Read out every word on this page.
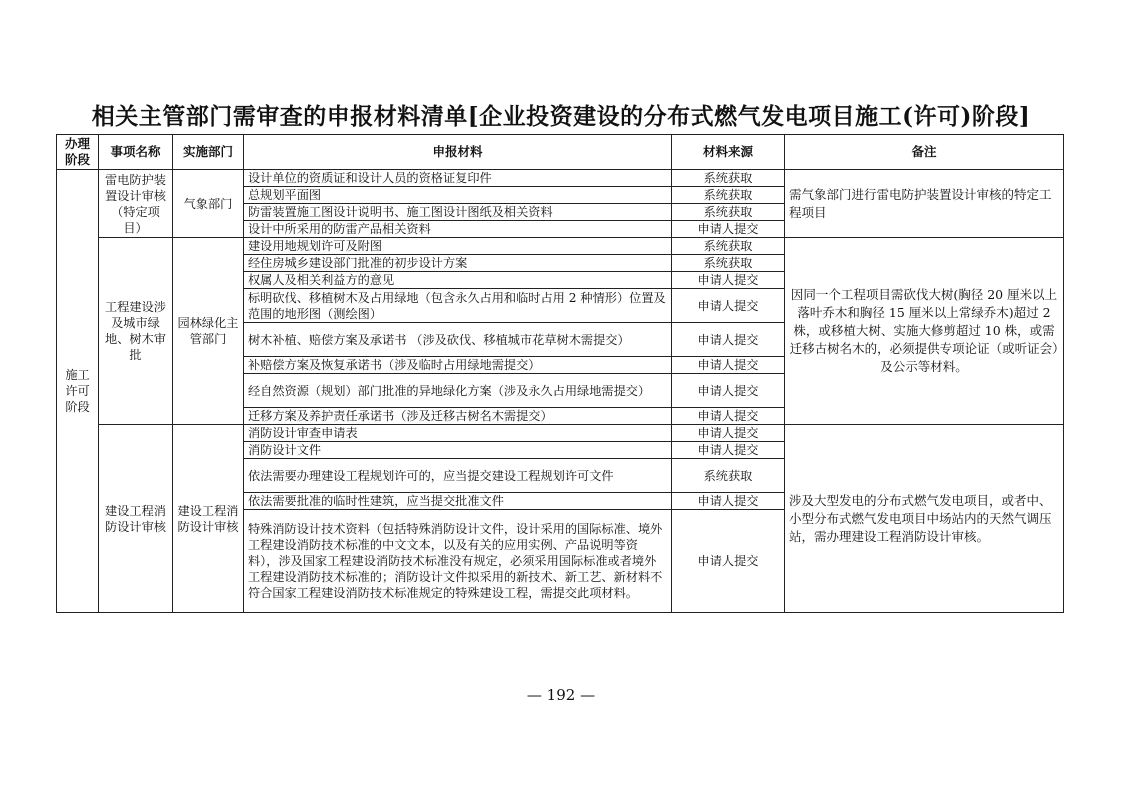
相关主管部门需审查的申报材料清单[企业投资建设的分布式燃气发电项目施工(许可)阶段]
办理阶段	事项名称	实施部门	申报材料	材料来源	备注
施工许可阶段	雷电防护装置设计审核（特定项目）	气象部门	设计单位的资质证和设计人员的资格证复印件	系统获取	需气象部门进行雷电防护装置设计审核的特定工程项目
			总规划平面图	系统获取	
			防雷装置施工图设计说明书、施工图设计图纸及相关资料	系统获取	
			设计中所采用的防雷产品相关资料	申请人提交	
	工程建设涉及城市绿地、树木审批	园林绿化主管部门	建设用地规划许可及附图	系统获取	因同一个工程项目需砍伐大树(胸径 20 厘米以上落叶乔木和胸径 15 厘米以上常绿乔木)超过 2 株，或移植大树、实施大修剪超过 10 株，或需迁移古树名木的，必须提供专项论证（或听证会）及公示等材料。
			经住房城乡建设部门批准的初步设计方案	系统获取	
			权属人及相关利益方的意见	申请人提交	
			标明砍伐、移植树木及占用绿地（包含永久占用和临时占用 2 种情形）位置及范围的地形图（测绘图）	申请人提交	
			树木补植、赔偿方案及承诺书 （涉及砍伐、移植城市花草树木需提交）	申请人提交	
			补赔偿方案及恢复承诺书（涉及临时占用绿地需提交）	申请人提交	
			经自然资源（规划）部门批准的异地绿化方案（涉及永久占用绿地需提交）	申请人提交	
			迁移方案及养护责任承诺书（涉及迁移古树名木需提交）	申请人提交	
	建设工程消防设计审核	建设工程消防设计审核	消防设计审查申请表	申请人提交	涉及大型发电的分布式燃气发电项目，或者中、小型分布式燃气发电项目中场站内的天然气调压站，需办理建设工程消防设计审核。
			消防设计文件	申请人提交	
			依法需要办理建设工程规划许可的，应当提交建设工程规划许可文件	系统获取	
			依法需要批准的临时性建筑，应当提交批准文件	申请人提交	
			特殊消防设计技术资料（包括特殊消防设计文件，设计采用的国际标准、境外工程建设消防技术标准的中文文本，以及有关的应用实例、产品说明等资料），涉及国家工程建设消防技术标准没有规定，必须采用国际标准或者境外工程建设消防技术标准的；消防设计文件拟采用的新技术、新工艺、新材料不符合国家工程建设消防技术标准规定的特殊建设工程，需提交此项材料。	申请人提交	
— 192 —
